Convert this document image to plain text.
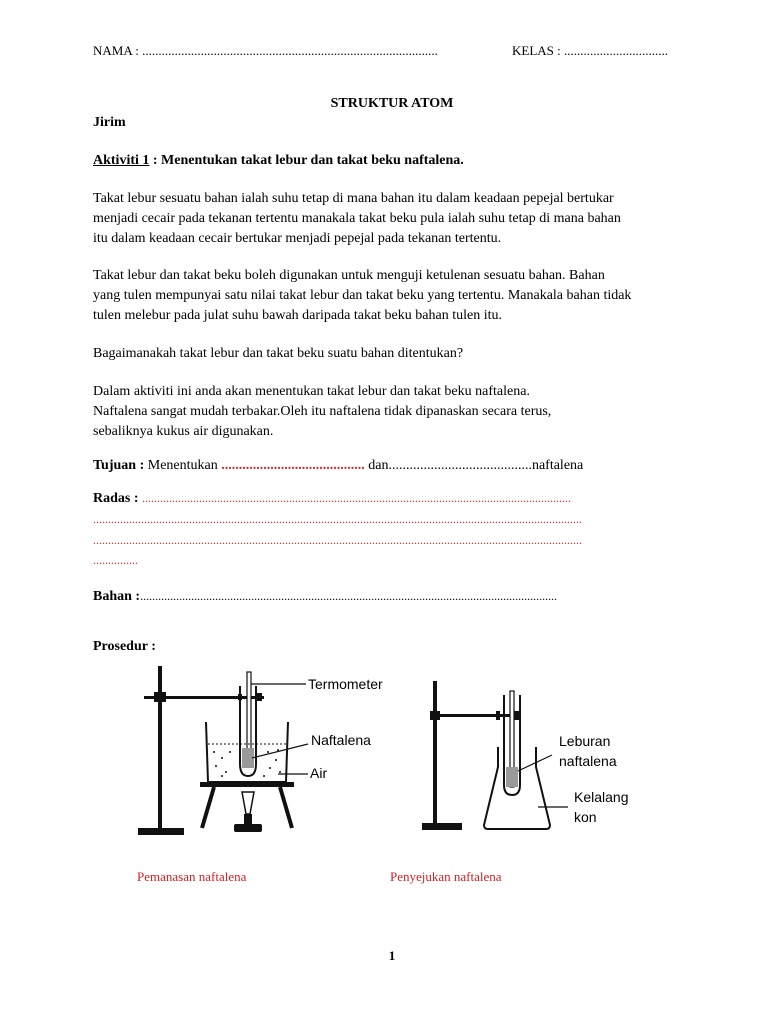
NAMA : ...........................................................................................	KELAS : ................................
STRUKTUR ATOM
Jirim
Aktiviti 1 : Menentukan takat lebur dan takat beku naftalena.
Takat lebur sesuatu bahan ialah suhu tetap di mana bahan itu dalam keadaan pepejal bertukar
menjadi cecair pada tekanan tertentu manakala takat beku pula ialah suhu tetap di mana bahan
itu dalam keadaan cecair bertukar menjadi pepejal pada tekanan tertentu.
Takat lebur dan takat beku boleh digunakan untuk menguji ketulenan sesuatu bahan. Bahan
yang tulen mempunyai satu nilai takat lebur dan takat beku yang tertentu. Manakala bahan tidak
tulen melebur pada julat suhu bawah daripada takat beku bahan tulen itu.
Bagaimanakah takat lebur dan takat beku suatu bahan ditentukan?
Dalam aktiviti ini anda akan menentukan takat lebur dan takat beku naftalena.
Naftalena sangat mudah terbakar.Oleh itu naftalena tidak dipanaskan secara terus,
sebaliknya kukus air digunakan.
Tujuan : Menentukan ......................................... dan.........................................naftalena
Radas : ...............................................................................................................................................
...................................................................................................................................................................
...................................................................................................................................................................
...............
Bahan :...........................................................................................................................................
Prosedur :
Termometer
Naftalena
Air
Leburan
naftalena
Kelalang
kon
Pemanasan naftalena	Penyejukan naftalena
1
